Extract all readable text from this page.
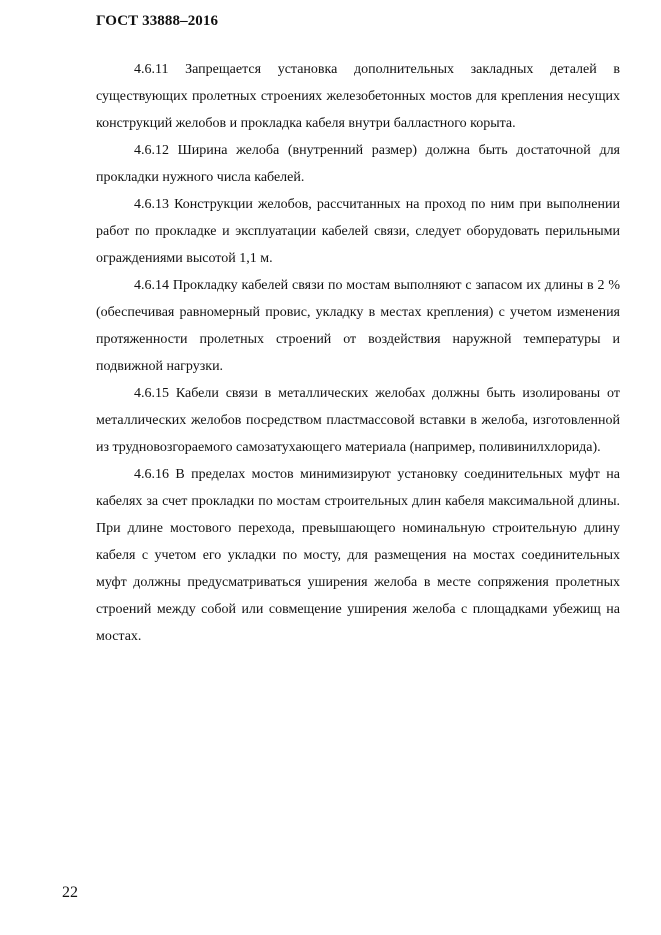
ГОСТ 33888–2016

4.6.11 Запрещается установка дополнительных закладных деталей в существующих пролетных строениях железобетонных мостов для крепления несущих конструкций желобов и прокладка кабеля внутри балластного корыта.

4.6.12 Ширина желоба (внутренний размер) должна быть достаточной для прокладки нужного числа кабелей.

4.6.13 Конструкции желобов, рассчитанных на проход по ним при выполнении работ по прокладке и эксплуатации кабелей связи, следует оборудовать перильными ограждениями высотой 1,1 м.

4.6.14 Прокладку кабелей связи по мостам выполняют с запасом их длины в 2 % (обеспечивая равномерный провис, укладку в местах крепления) с учетом изменения протяженности пролетных строений от воздействия наружной температуры и подвижной нагрузки.

4.6.15 Кабели связи в металлических желобах должны быть изолированы от металлических желобов посредством пластмассовой вставки в желоба, изготовленной из трудновозгораемого самозатухающего материала (например, поливинилхлорида).

4.6.16 В пределах мостов минимизируют установку соединительных муфт на кабелях за счет прокладки по мостам строительных длин кабеля максимальной длины. При длине мостового перехода, превышающего номинальную строительную длину кабеля с учетом его укладки по мосту, для размещения на мостах соединительных муфт должны предусматриваться уширения желоба в месте сопряжения пролетных строений между собой или совмещение уширения желоба с площадками убежищ на мостах.

22
